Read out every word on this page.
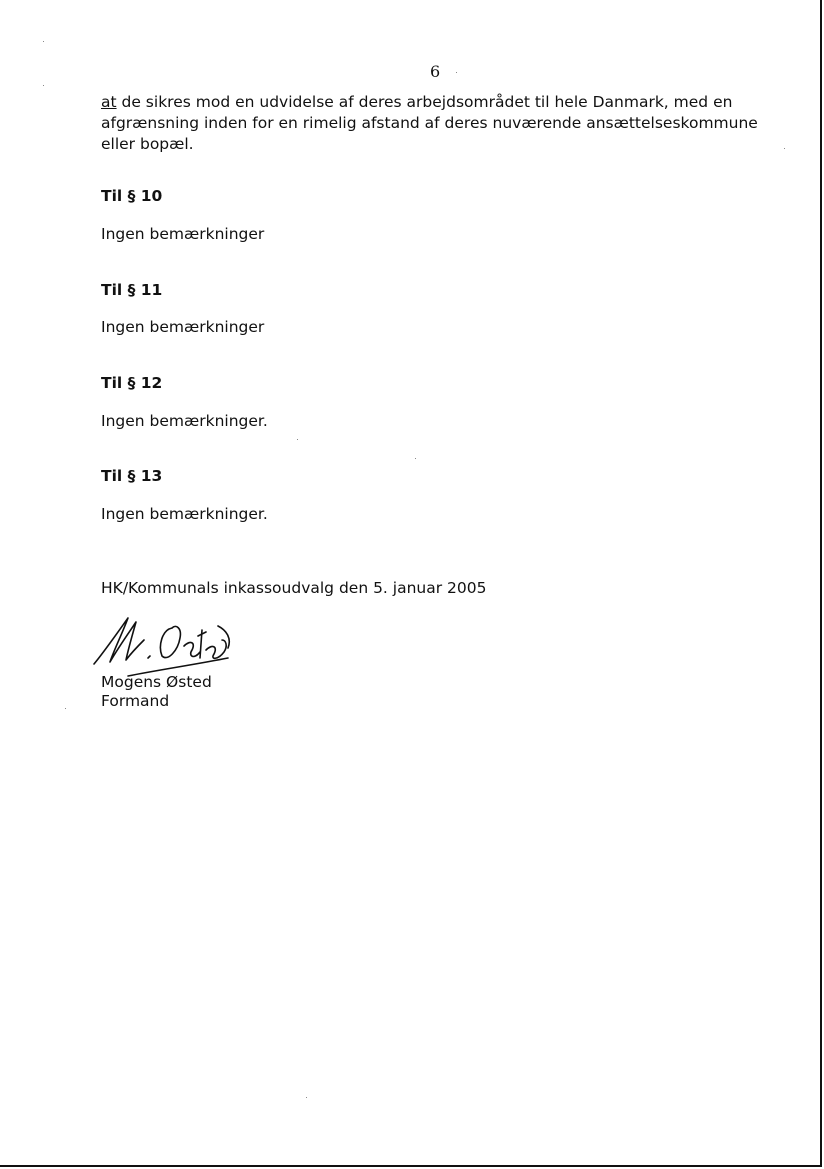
6
at de sikres mod en udvidelse af deres arbejdsområdet til hele Danmark, med en afgrænsning inden for en rimelig afstand af deres nuværende ansættelseskommune eller bopæl.
Til § 10
Ingen bemærkninger
Til § 11
Ingen bemærkninger
Til § 12
Ingen bemærkninger.
Til § 13
Ingen bemærkninger.
HK/Kommunals inkassoudvalg den 5. januar 2005
Mogens Østed
Formand
